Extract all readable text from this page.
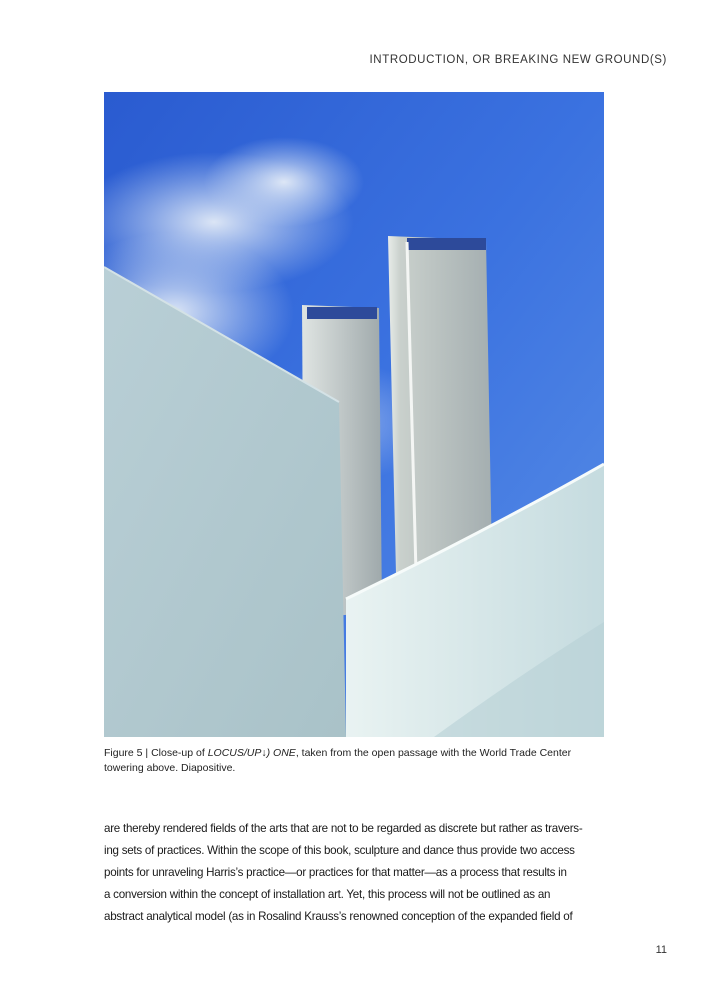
INTRODUCTION, OR BREAKING NEW GROUND(S)
Figure 5 | Close-up of LOCUS/UP↓) ONE, taken from the open passage with the World Trade Center
towering above. Diapositive.
are thereby rendered fields of the arts that are not to be regarded as discrete but rather as travers-
ing sets of practices. Within the scope of this book, sculpture and dance thus provide two access
points for unraveling Harris’s practice—or practices for that matter—as a process that results in
a conversion within the concept of installation art. Yet, this process will not be outlined as an
abstract analytical model (as in Rosalind Krauss’s renowned conception of the expanded field of
11
